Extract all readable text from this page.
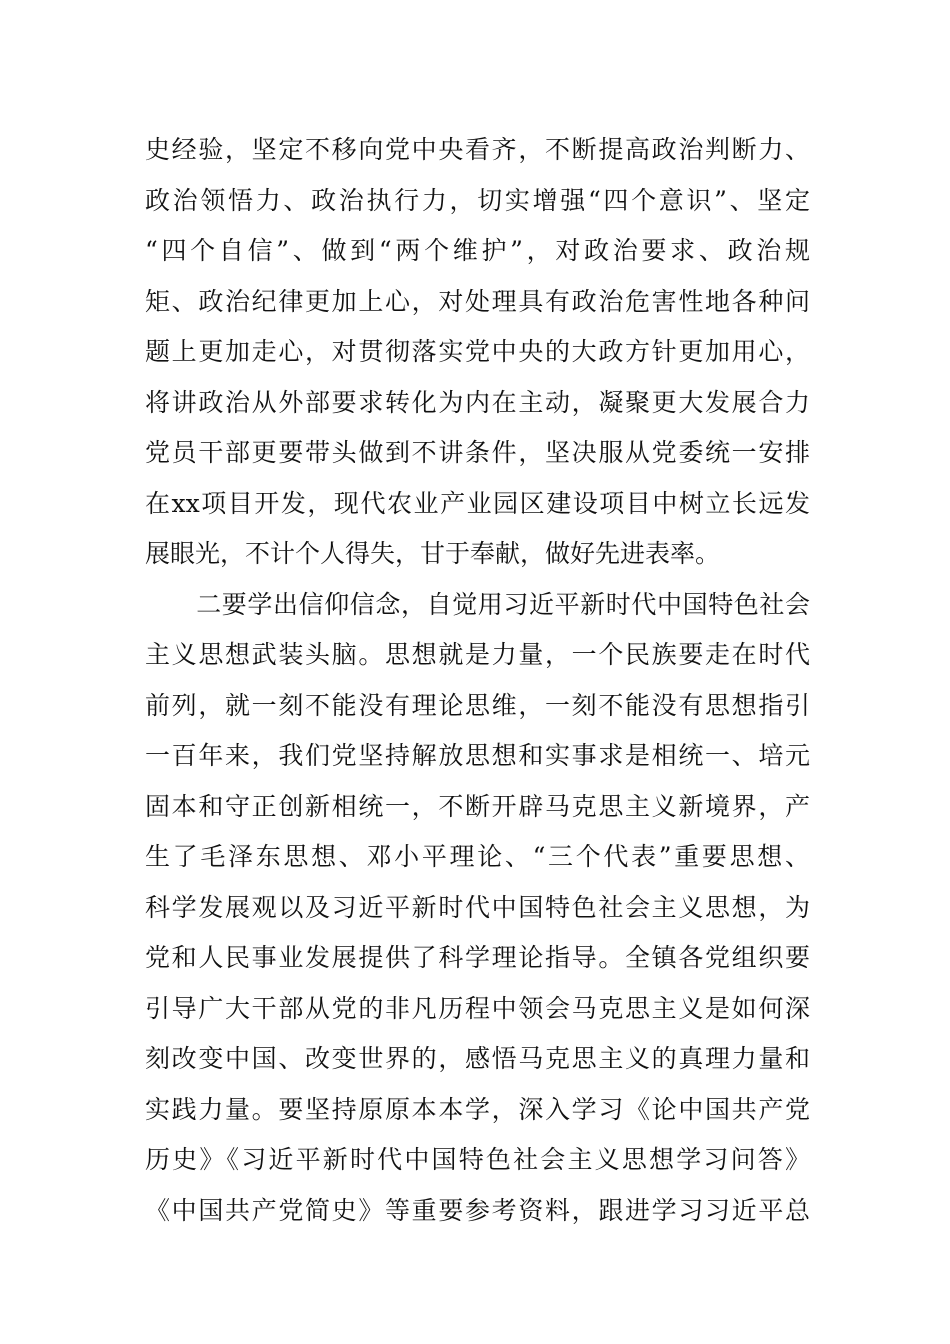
史经验，坚定不移向党中央看齐，不断提高政治判断力、
政治领悟力、政治执行力，切实增强“四个意识”、坚定
“四个自信”、做到“两个维护”，对政治要求、政治规
矩、政治纪律更加上心，对处理具有政治危害性地各种问
题上更加走心，对贯彻落实党中央的大政方针更加用心，
将讲政治从外部要求转化为内在主动，凝聚更大发展合力
党员干部更要带头做到不讲条件，坚决服从党委统一安排
在xx项目开发，现代农业产业园区建设项目中树立长远发
展眼光，不计个人得失，甘于奉献，做好先进表率。
　　二要学出信仰信念，自觉用习近平新时代中国特色社会
主义思想武装头脑。思想就是力量，一个民族要走在时代
前列，就一刻不能没有理论思维，一刻不能没有思想指引
一百年来，我们党坚持解放思想和实事求是相统一、培元
固本和守正创新相统一，不断开辟马克思主义新境界，产
生了毛泽东思想、邓小平理论、“三个代表”重要思想、
科学发展观以及习近平新时代中国特色社会主义思想，为
党和人民事业发展提供了科学理论指导。全镇各党组织要
引导广大干部从党的非凡历程中领会马克思主义是如何深
刻改变中国、改变世界的，感悟马克思主义的真理力量和
实践力量。要坚持原原本本学，深入学习《论中国共产党
历史》《习近平新时代中国特色社会主义思想学习问答》
《中国共产党简史》等重要参考资料，跟进学习习近平总
